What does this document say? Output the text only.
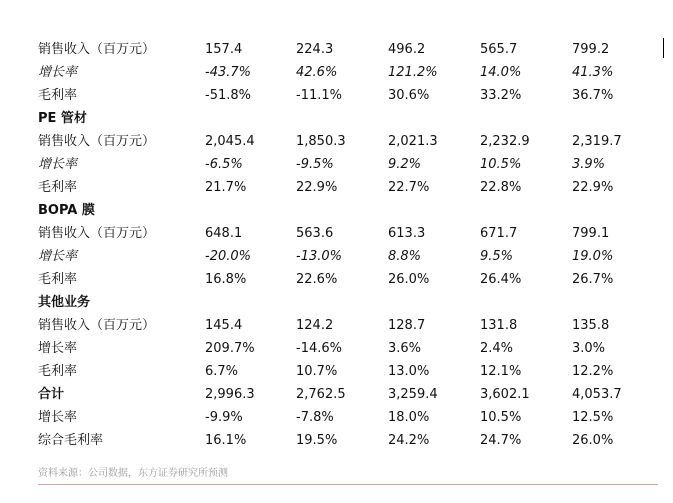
销售收入（百万元）	157.4	224.3	496.2	565.7	799.2
增长率	-43.7%	42.6%	121.2%	14.0%	41.3%
毛利率	-51.8%	-11.1%	30.6%	33.2%	36.7%
PE 管材
销售收入（百万元）	2,045.4	1,850.3	2,021.3	2,232.9	2,319.7
增长率	-6.5%	-9.5%	9.2%	10.5%	3.9%
毛利率	21.7%	22.9%	22.7%	22.8%	22.9%
BOPA 膜
销售收入（百万元）	648.1	563.6	613.3	671.7	799.1
增长率	-20.0%	-13.0%	8.8%	9.5%	19.0%
毛利率	16.8%	22.6%	26.0%	26.4%	26.7%
其他业务
销售收入（百万元）	145.4	124.2	128.7	131.8	135.8
增长率	209.7%	-14.6%	3.6%	2.4%	3.0%
毛利率	6.7%	10.7%	13.0%	12.1%	12.2%
合计	2,996.3	2,762.5	3,259.4	3,602.1	4,053.7
增长率	-9.9%	-7.8%	18.0%	10.5%	12.5%
综合毛利率	16.1%	19.5%	24.2%	24.7%	26.0%
资料来源：公司数据，东方证券研究所预测
